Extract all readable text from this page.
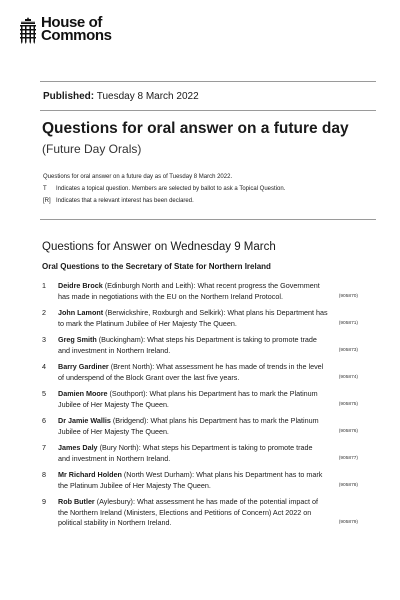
House of
Commons
Published: Tuesday 8 March 2022
Questions for oral answer on a future day
(Future Day Orals)
Questions for oral answer on a future day as of Tuesday 8 March 2022.
T	Indicates a topical question. Members are selected by ballot to ask a Topical Question.
[R] Indicates that a relevant interest has been declared.
Questions for Answer on Wednesday 9 March
Oral Questions to the Secretary of State for Northern Ireland
1	Deidre Brock (Edinburgh North and Leith): What recent progress the Government
has made in negotiations with the EU on the Northern Ireland Protocol.	(905870)
2	John Lamont (Berwickshire, Roxburgh and Selkirk): What plans his Department has
to mark the Platinum Jubilee of Her Majesty The Queen.	(905871)
3	Greg Smith (Buckingham): What steps his Department is taking to promote trade
and investment in Northern Ireland.	(905873)
4	Barry Gardiner (Brent North): What assessment he has made of trends in the level
of underspend of the Block Grant over the last five years.	(905874)
5	Damien Moore (Southport): What plans his Department has to mark the Platinum
Jubilee of Her Majesty The Queen.	(905875)
6	Dr Jamie Wallis (Bridgend): What plans his Department has to mark the Platinum
Jubilee of Her Majesty The Queen.	(905876)
7	James Daly (Bury North): What steps his Department is taking to promote trade
and investment in Northern Ireland.	(905877)
8	Mr Richard Holden (North West Durham): What plans his Department has to mark
the Platinum Jubilee of Her Majesty The Queen.	(905878)
9	Rob Butler (Aylesbury): What assessment he has made of the potential impact of
the Northern Ireland (Ministers, Elections and Petitions of Concern) Act 2022 on
political stability in Northern Ireland.	(905879)
